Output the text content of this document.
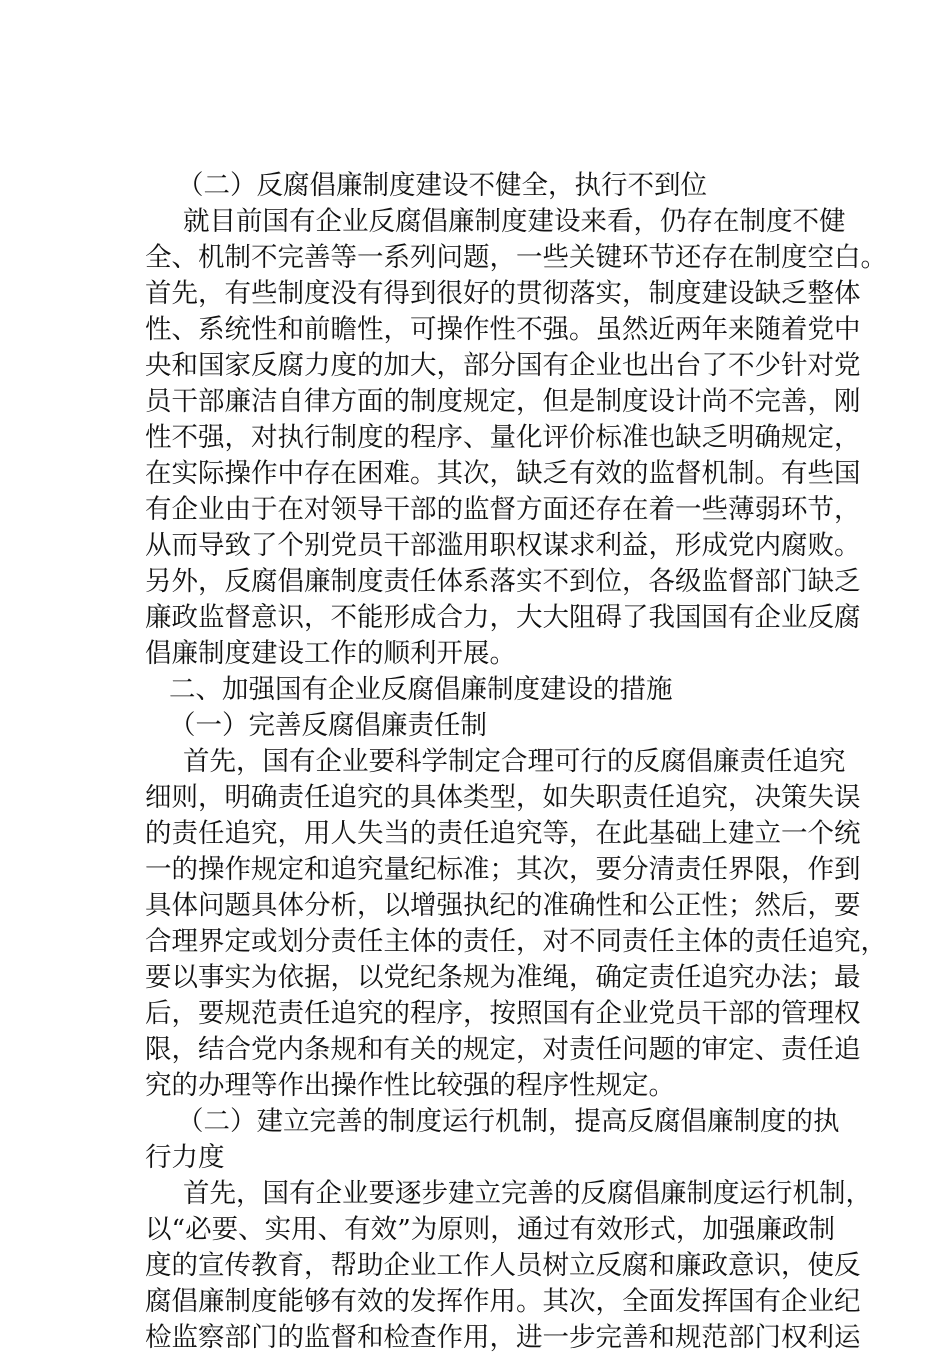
（二）反腐倡廉制度建设不健全，执行不到位
就目前国有企业反腐倡廉制度建设来看，仍存在制度不健
全、机制不完善等一系列问题，一些关键环节还存在制度空白。
首先，有些制度没有得到很好的贯彻落实，制度建设缺乏整体
性、系统性和前瞻性，可操作性不强。虽然近两年来随着党中
央和国家反腐力度的加大，部分国有企业也出台了不少针对党
员干部廉洁自律方面的制度规定，但是制度设计尚不完善，刚
性不强，对执行制度的程序、量化评价标准也缺乏明确规定，
在实际操作中存在困难。其次，缺乏有效的监督机制。有些国
有企业由于在对领导干部的监督方面还存在着一些薄弱环节，
从而导致了个别党员干部滥用职权谋求利益，形成党内腐败。
另外，反腐倡廉制度责任体系落实不到位，各级监督部门缺乏
廉政监督意识，不能形成合力，大大阻碍了我国国有企业反腐
倡廉制度建设工作的顺利开展。
二、加强国有企业反腐倡廉制度建设的措施
（一）完善反腐倡廉责任制
首先，国有企业要科学制定合理可行的反腐倡廉责任追究
细则，明确责任追究的具体类型，如失职责任追究，决策失误
的责任追究，用人失当的责任追究等，在此基础上建立一个统
一的操作规定和追究量纪标准；其次，要分清责任界限，作到
具体问题具体分析，以增强执纪的准确性和公正性；然后，要
合理界定或划分责任主体的责任，对不同责任主体的责任追究，
要以事实为依据，以党纪条规为准绳，确定责任追究办法；最
后，要规范责任追究的程序，按照国有企业党员干部的管理权
限，结合党内条规和有关的规定，对责任问题的审定、责任追
究的办理等作出操作性比较强的程序性规定。
（二）建立完善的制度运行机制，提高反腐倡廉制度的执
行力度
首先，国有企业要逐步建立完善的反腐倡廉制度运行机制，
以“必要、实用、有效”为原则，通过有效形式，加强廉政制
度的宣传教育，帮助企业工作人员树立反腐和廉政意识，使反
腐倡廉制度能够有效的发挥作用。其次，全面发挥国有企业纪
检监察部门的监督和检查作用，进一步完善和规范部门权利运
